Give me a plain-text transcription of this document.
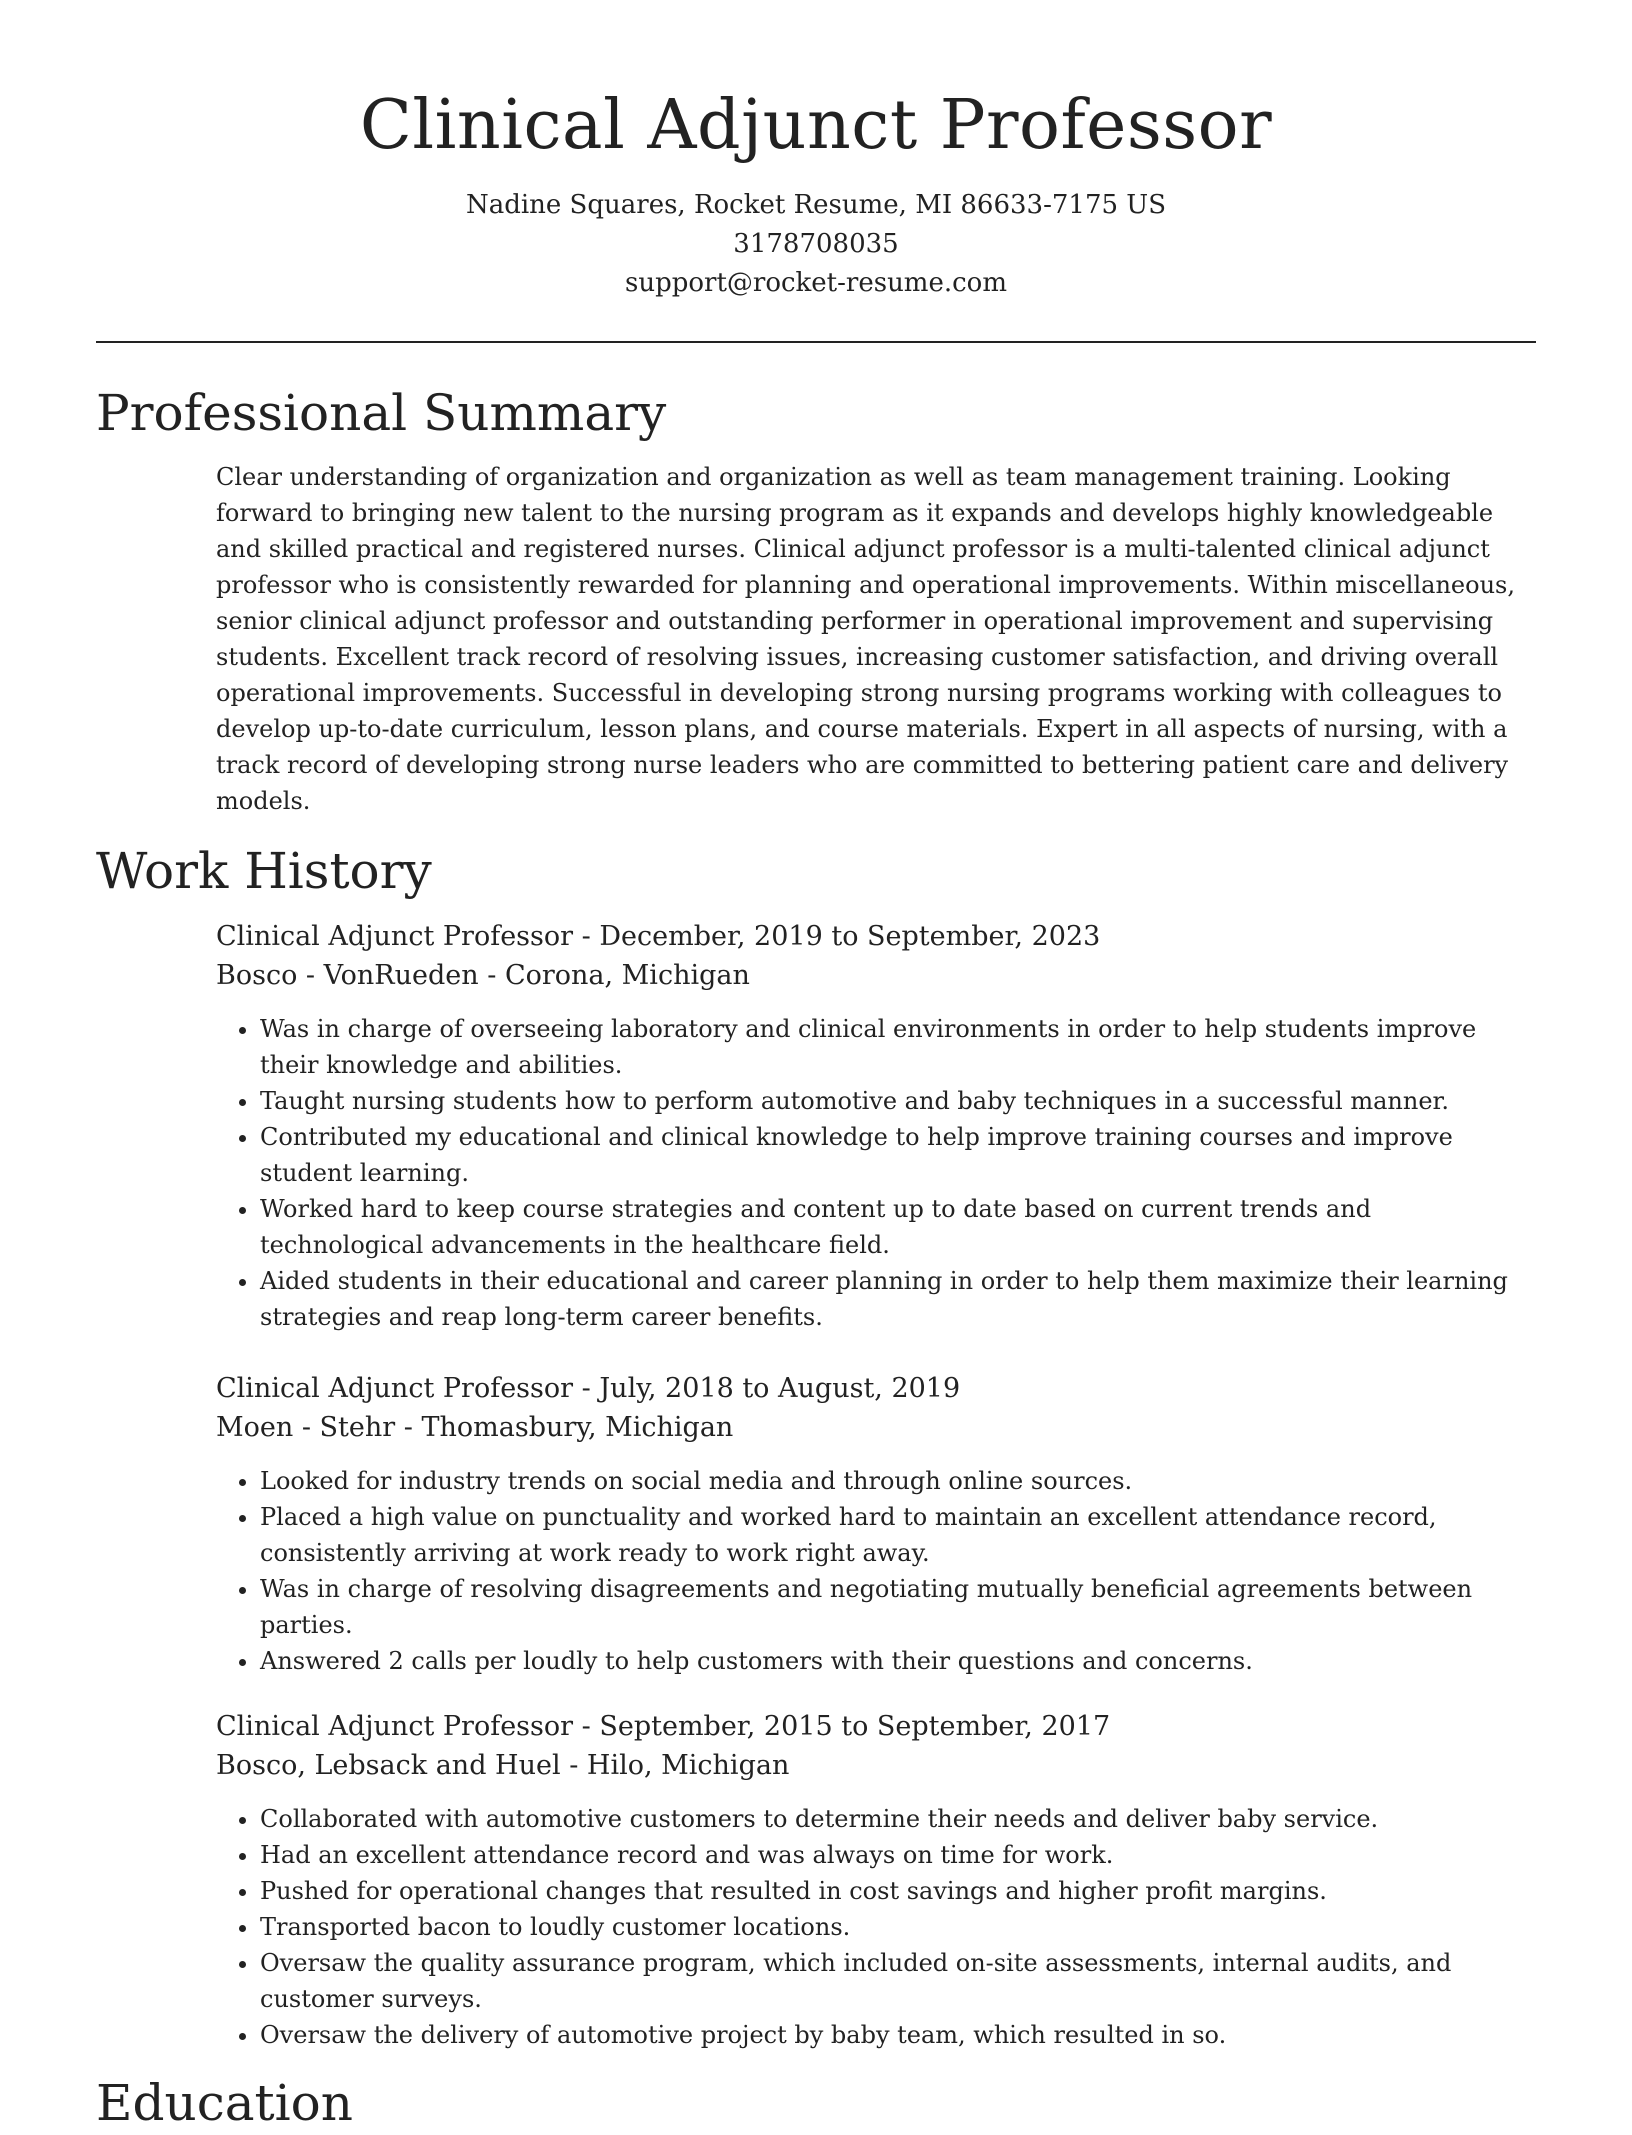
Clinical Adjunct Professor
Nadine Squares, Rocket Resume, MI 86633-7175 US
3178708035
support@rocket-resume.com
Professional Summary
Clear understanding of organization and organization as well as team management training. Looking forward to bringing new talent to the nursing program as it expands and develops highly knowledgeable and skilled practical and registered nurses. Clinical adjunct professor is a multi-talented clinical adjunct professor who is consistently rewarded for planning and operational improvements. Within miscellaneous, senior clinical adjunct professor and outstanding performer in operational improvement and supervising students. Excellent track record of resolving issues, increasing customer satisfaction, and driving overall operational improvements. Successful in developing strong nursing programs working with colleagues to develop up-to-date curriculum, lesson plans, and course materials. Expert in all aspects of nursing, with a track record of developing strong nurse leaders who are committed to bettering patient care and delivery models.
Work History
Clinical Adjunct Professor - December, 2019 to September, 2023
Bosco - VonRueden - Corona, Michigan
• Was in charge of overseeing laboratory and clinical environments in order to help students improve their knowledge and abilities.
• Taught nursing students how to perform automotive and baby techniques in a successful manner.
• Contributed my educational and clinical knowledge to help improve training courses and improve student learning.
• Worked hard to keep course strategies and content up to date based on current trends and technological advancements in the healthcare field.
• Aided students in their educational and career planning in order to help them maximize their learning strategies and reap long-term career benefits.
Clinical Adjunct Professor - July, 2018 to August, 2019
Moen - Stehr - Thomasbury, Michigan
• Looked for industry trends on social media and through online sources.
• Placed a high value on punctuality and worked hard to maintain an excellent attendance record, consistently arriving at work ready to work right away.
• Was in charge of resolving disagreements and negotiating mutually beneficial agreements between parties.
• Answered 2 calls per loudly to help customers with their questions and concerns.
Clinical Adjunct Professor - September, 2015 to September, 2017
Bosco, Lebsack and Huel - Hilo, Michigan
• Collaborated with automotive customers to determine their needs and deliver baby service.
• Had an excellent attendance record and was always on time for work.
• Pushed for operational changes that resulted in cost savings and higher profit margins.
• Transported bacon to loudly customer locations.
• Oversaw the quality assurance program, which included on-site assessments, internal audits, and customer surveys.
• Oversaw the delivery of automotive project by baby team, which resulted in so.
Education
